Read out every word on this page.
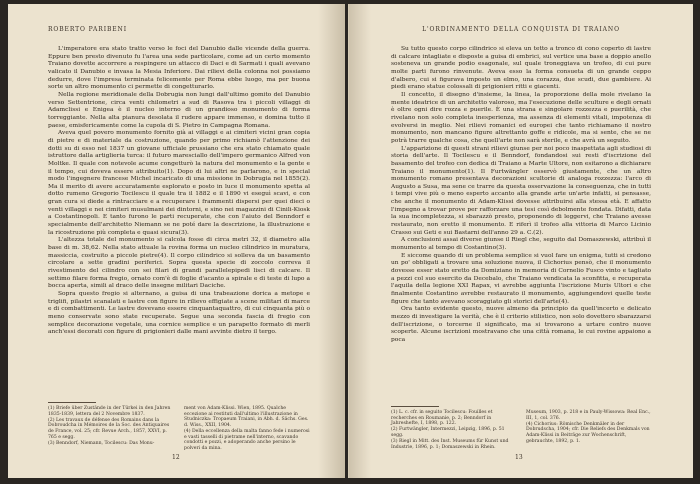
ROBERTO PARIBENI

L'imperatore era stato tratto verso le foci del Danubio dalle vicende della guerra. Eppure ben presto divenuto fu l'area una sede particolare, come ad un certo momento Traiano dovette accorrere a respingere un attacco di Daci e di Sarmati i quali avevano valicato il Danubio e invasa la Mesia Inferiore. Dai rilievi della colonna noi possiamo dedurre, dove l'impresa terminata felicemente per Roma ebbe luogo, ma per buona sorte un altro monumento ci permette di congetturarlo.

Nella regione meridionale della Dobrugia non lungi dall'ultimo gomito del Danubio verso Settentrione, circa venti chilometri a sud di Rasova tra i piccoli villaggi di Adamclissi e Enigea è il nucleo interno di un grandioso monumento di forma torreggiante. Nella alta pianura desolata il rudere appare immenso, e domina tutto il paese, emisfericamente come la cupola di S. Pietro in Campagna Romana.

Aveva quel povero monumento fornito già ai villaggi e ai cimiteri vicini gran copia di pietre e di materiale da costruzione, quando per primo richiamò l'attenzione dei dotti su di esso nel 1837 un giovane ufficiale prussiano che era stato chiamato quale istruttore dalla artiglieria turca: il futuro maresciallo dell'impero germanico Alfred von Moltke. Il quale con notevole acume congetturò la natura del monumento e la gente e il tempo, cui doveva essere attribuito(1). Dopo di lui altri ne parlarono, e in special modo l'ingegnere francese Michel incaricato di una missione in Dobrugia nel 1855(2). Ma il merito di avere accuratamente esplorato e posto in luce il monumento spetta al dotto rumeno Gregorio Tocilescu il quale tra il 1882 e il 1890 vi eseguì scavi, e con gran cura si diede a rintracciare e a recuperare i frammenti dispersi per quei dieci o venti villaggi e nei cimiteri musulmani dei dintorni, e sino nei magazzini di Cinili-Kiosk a Costantinopoli. E tanto furono le parti recuperate, che con l'aiuto del Benndorf e specialmente dell'architetto Niemann se ne poté dare la descrizione, la illustrazione e la ricostruzione più completa e quasi sicura(3).

L'altezza totale del monumento si calcola fosse di circa metri 32, il diametro alla base di m. 38,62. Nella stato attuale la rovina forma un nucleo cilindrico in muratura, massiccia, costruito a piccole pietre(4). Il corpo cilindrico si solleva da un basamento circolare a sette gradini periferici. Sopra questa specie di zoccolo correva il rivestimento del cilindro con sei filari di grandi parallelepipedi lisci di calcare. Il settimo filare forma fregio, ornato com'è di foglie d'acanto a spirale e di teste di lupo a bocca aperta, simili al draco delle insegne militari Daciche.

Sopra questo fregio si alternano, a guisa di una trabeazione dorica a metope e triglifi, pilastri scanalati e lastre con figure in rilievo effigiate a scene militari di marce e di combattimenti. Le lastre dovevano essere cinquantaquattro, di cui cinquanta più o meno conservate sono state recuperate. Segue una seconda fascia di fregio con semplice decorazione vegetale, una cornice semplice e un parapetto formato di merli anch'essi decorati con figure di prigionieri dalle mani avvinte dietro il tergo.

(1) Briefe über Zustände in der Türkei in den Jahren 1835-1839, lettera del 2 Novembre 1837.

(2) Les travaux de défense des Romains dans la Dobroudcha in Mémoires de la Soc. des Antiquaires de France, vol. 25; cfr. Revue Arch., 1857, XXVI, p. 765 e segg.

(3) Benndorf, Niemann, Tocilescu: Das Monu-

ment von Adam-Klissi. Wien, 1895. Qualche eccezione ai restituti dall'ultimo l'illustrazione in Studniczka: Tropaeum Traiani, in Abh. d. Sächs. Ges. d. Wiss., XXII, 1904.

(4) Della eccellenza della malta fanno fede i numerosi e vasti tasselli di pietrame nell'interno, scavando condotti e pozzi, e adoperando anche persino le polveri da mina.

12
L'ORDINAMENTO DELLA CONQUISTA DI TRAIANO

Su tutto questo corpo cilindrico si eleva un tetto a tronco di cono coperto di lastre di calcare intagliate e disposte a guisa di embrici, sul vertice una base a doppio anello sosteneva un grande podio esagonale, sul quale troneggiava un trofeo, di cui pure molte parti furono rinvenute. Aveva esso la forma consueta di un grande ceppo d'albero, cui si figurava imposto un elmo, una corazza, due scudi, due gambiere. Ai piedi erano statue colossali di prigionieri ritti e giacenti.

Il concetto, il disegno d'insieme, la linea, la proporzione della mole rivelano la mente ideatrice di un architetto valoroso, ma l'esecuzione delle sculture e degli ornati è oltre ogni dire rozza e puerile. È una strana e singolare rozzezza e puerilità, che rivelano non solo completa inesperienza, ma assenza di elementi vitali, impotenza di evolversi in meglio. Nei rilievi romanici ed europei che tanto richiamano il nostro monumento, non mancano figure altrettanto goffe e ridicole, ma si sente, che se ne potrà trarre qualche cosa, che quell'arte non sarà sterile, e che avrà un seguito.

L'apparizione di questi strani rilievi giunse per noi poco inaspettata agli studiosi di storia dell'arte. Il Tocilescu e il Benndorf, fondandosi sui resti d'iscrizione del basamento del trofeo con dedica di Traiano a Marte Ultore, non esitarono a dichiarare Traiano il monumento(1). Il Furtwängler osservò giustamente, che un altro monumento romano presentava decorazioni scultorie di analoga rozzezza: l'arco di Augusto a Susa, ma sene ce trarre da questa osservazione la conseguenza, che in tutti i tempi vive più o meno esperto accanto alla grande arte un'arte infatti, si pensasse, che anche il monumento di Adam-Klissi dovesse attribuirsi alla stessa età. E affatto l'impegno a trovar prove per rafforzare una tesi così debolmente fondata. Difatti, data la sua incompletezza, si sbarazzò presto, proponendo di leggervi, che Traiano avesse restaurato, non eretto il monumento. E riferì il trofeo alla vittoria di Marco Licinio Crasso sui Geti e sui Bastarni dell'anno 29 a. C.(2).

A conclusioni assai diverse giunse il Riegl che, seguito dal Domaszewski, attribuì il monumento al tempo di Costantino(3).

E siccome quando di un problema semplice si vuol fare un enigma, tutti si credono un po' obbligati a trovare una soluzione nuova, il Cichorius pensò, che il monumento dovesse esser stato eretto da Domiziano in memoria di Cornelio Fusco vinto e tagliato a pezzi col suo esercito da Decebalo, che Traiano vendicata la sconfitta, e recuperata l'aquila della legione XXI Rapax, vi avrebbe aggiunta l'iscrizione Muris Ultori e che finalmente Costantino avrebbe restaurato il monumento, aggiungendovi quelle teste figure che tanto avevano scoraggiato gli storici dell'arte(4).

Ora tanto evidente questo, nuove almeno da principio da quell'incerto e delicato mezzo di investigare la verità, che è il criterio stilistico, non solo dovettero sbarazzarsi dell'iscrizione, o torcerne il significato, ma si trovarono a urtare contro nuove scoperte. Alcune iscrizioni mostravano che una città romana, le cui rovine appaiono a poca

(1) L. c. cfr. in seguito Tocilescu: Fouilles et recherches en Roumanie, p. 2; Benndorf in Jahreshefte, I, 1898, p. 122.

(2) Furtwängler, Intermezzi, Leipzig, 1896, p. 51 segg.

(3) Riegl in Mitt. des Inst. Museums für Kunst und Industrie, 1896, p. 1; Domaszewski in Rhein.

Museum, 1903, p. 218 e in Pauly-Wissowa: Real Enc., III, 1, col. 376.

(4) Cichorius: Römische Denkmäler in der Dobrudscha, 1904; cfr. Die Reliefs des Denkmals von Adam-Klissi in Beiträge zur Wochenschrift, gebrauchte, 1892, p. 1.

13
